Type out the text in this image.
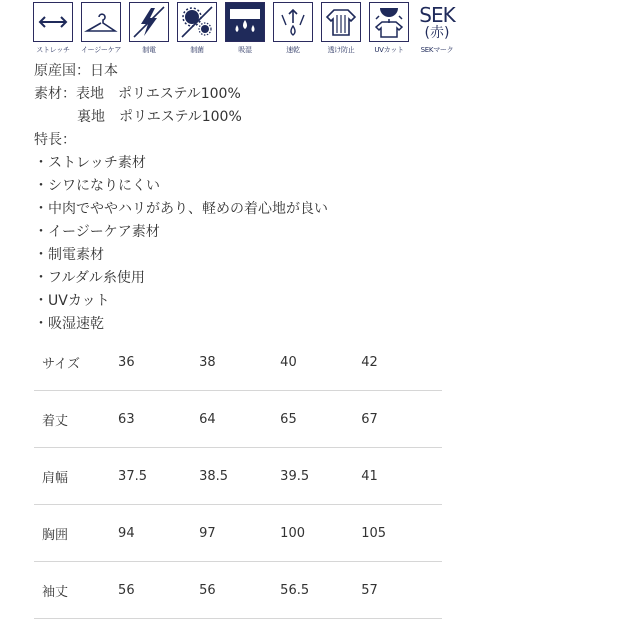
ストレッチ イージーケア	制電	制菌	吸湿	速乾	透け防止	UVカット
SEK
(赤)
SEKマーク
原産国：日本
素材：表地　ポリエステル100%
裏地　ポリエステル100%
特長：
・ストレッチ素材
・シワになりにくい
・中肉でややハリがあり、軽めの着心地が良い
・イージーケア素材
・制電素材
・フルダル糸使用
・UVカット
・吸湿速乾
サイズ	36	38	40	42
着丈	63	64	65	67
肩幅	37.5	38.5	39.5	41
胸囲	94	97	100	105
袖丈	56	56	56.5	57
